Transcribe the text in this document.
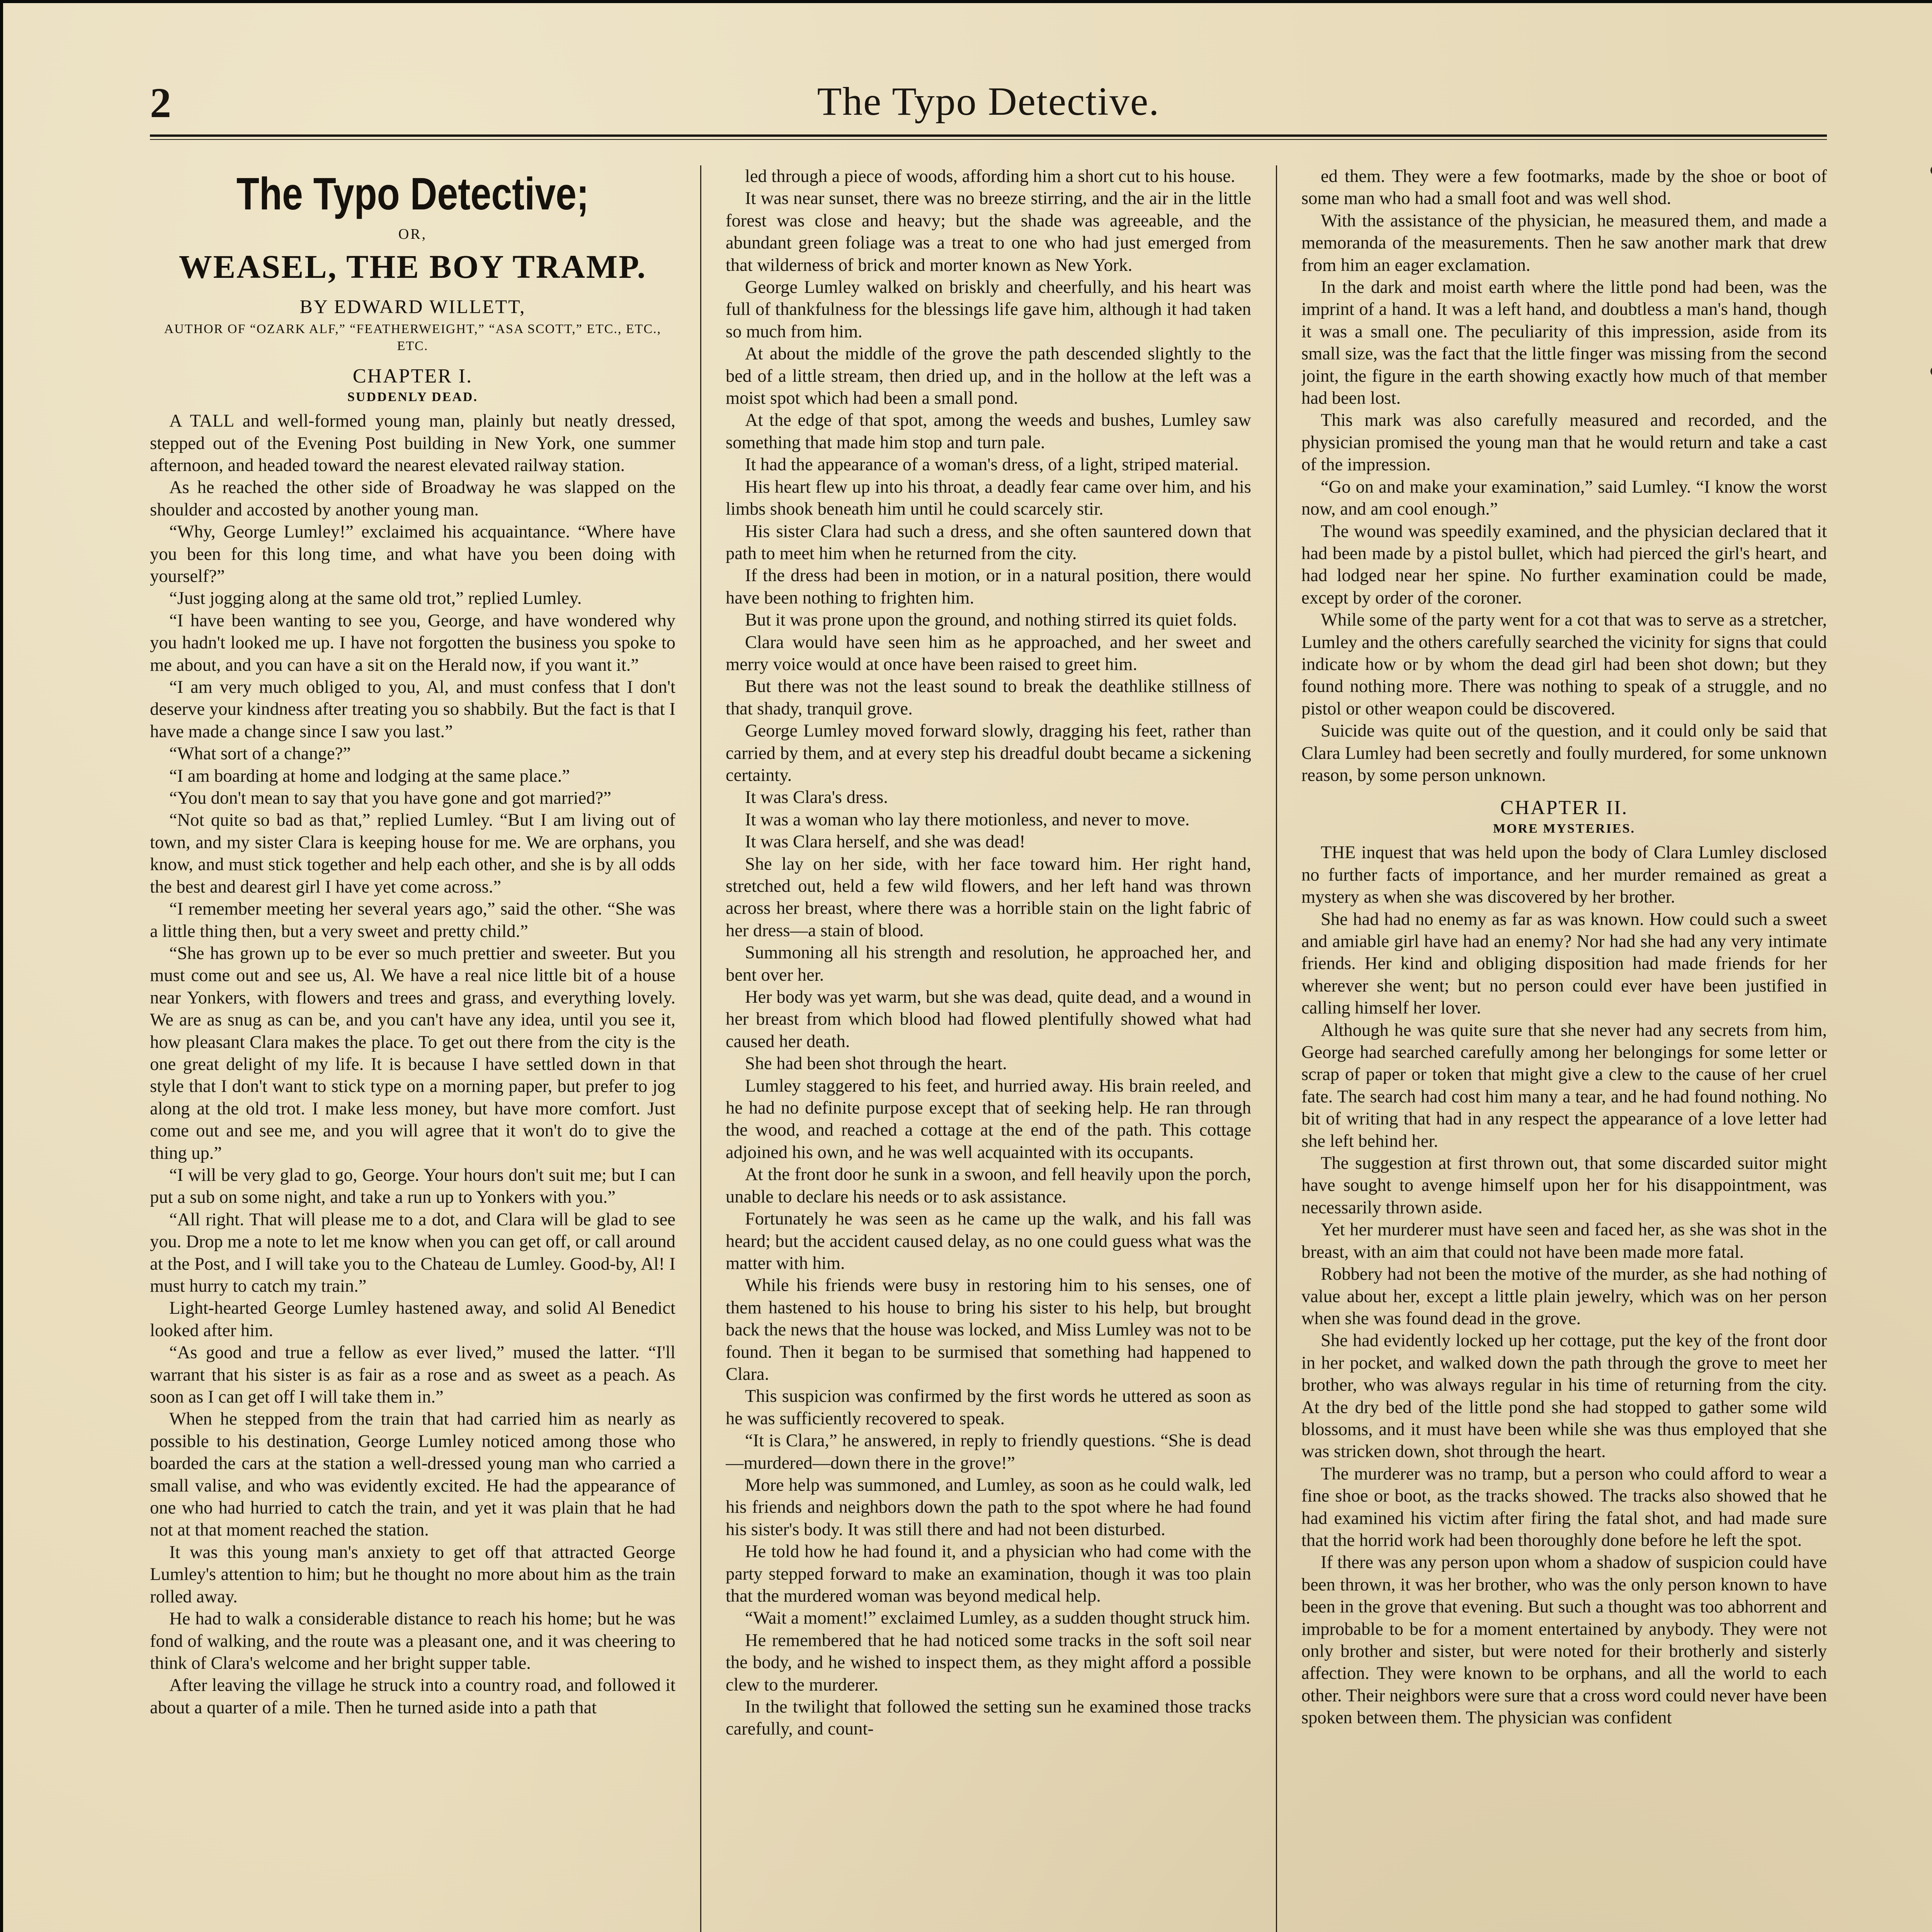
2	The Typo Detective.
The Typo Detective;
OR,
WEASEL, THE BOY TRAMP.
BY EDWARD WILLETT,
AUTHOR OF “OZARK ALF,” “FEATHERWEIGHT,” “ASA SCOTT,” ETC., ETC., ETC.
CHAPTER I.
SUDDENLY DEAD.

A TALL and well-formed young man, plainly but neatly dressed, stepped out of the Evening Post building in New York, one summer afternoon, and headed toward the nearest elevated railway station.

As he reached the other side of Broadway he was slapped on the shoulder and accosted by another young man.

“Why, George Lumley!” exclaimed his acquaintance. “Where have you been for this long time, and what have you been doing with yourself?”

“Just jogging along at the same old trot,” replied Lumley.

“I have been wanting to see you, George, and have wondered why you hadn't looked me up. I have not forgotten the business you spoke to me about, and you can have a sit on the Herald now, if you want it.”

“I am very much obliged to you, Al, and must confess that I don't deserve your kindness after treating you so shabbily. But the fact is that I have made a change since I saw you last.”

“What sort of a change?”

“I am boarding at home and lodging at the same place.”

“You don't mean to say that you have gone and got married?”

“Not quite so bad as that,” replied Lumley. “But I am living out of town, and my sister Clara is keeping house for me. We are orphans, you know, and must stick together and help each other, and she is by all odds the best and dearest girl I have yet come across.”

“I remember meeting her several years ago,” said the other. “She was a little thing then, but a very sweet and pretty child.”

“She has grown up to be ever so much prettier and sweeter. But you must come out and see us, Al. We have a real nice little bit of a house near Yonkers, with flowers and trees and grass, and everything lovely. We are as snug as can be, and you can't have any idea, until you see it, how pleasant Clara makes the place. To get out there from the city is the one great delight of my life. It is because I have settled down in that style that I don't want to stick type on a morning paper, but prefer to jog along at the old trot. I make less money, but have more comfort. Just come out and see me, and you will agree that it won't do to give the thing up.”

“I will be very glad to go, George. Your hours don't suit me; but I can put a sub on some night, and take a run up to Yonkers with you.”

“All right. That will please me to a dot, and Clara will be glad to see you. Drop me a note to let me know when you can get off, or call around at the Post, and I will take you to the Chateau de Lumley. Good-by, Al! I must hurry to catch my train.”

Light-hearted George Lumley hastened away, and solid Al Benedict looked after him.

“As good and true a fellow as ever lived,” mused the latter. “I'll warrant that his sister is as fair as a rose and as sweet as a peach. As soon as I can get off I will take them in.”

When he stepped from the train that had carried him as nearly as possible to his destination, George Lumley noticed among those who boarded the cars at the station a well-dressed young man who carried a small valise, and who was evidently excited. He had the appearance of one who had hurried to catch the train, and yet it was plain that he had not at that moment reached the station.

It was this young man's anxiety to get off that attracted George Lumley's attention to him; but he thought no more about him as the train rolled away.

He had to walk a considerable distance to reach his home; but he was fond of walking, and the route was a pleasant one, and it was cheering to think of Clara's welcome and her bright supper table.

After leaving the village he struck into a country road, and followed it about a quarter of a mile. Then he turned aside into a path that

led through a piece of woods, affording him a short cut to his house.

It was near sunset, there was no breeze stirring, and the air in the little forest was close and heavy; but the shade was agreeable, and the abundant green foliage was a treat to one who had just emerged from that wilderness of brick and morter known as New York.

George Lumley walked on briskly and cheerfully, and his heart was full of thankfulness for the blessings life gave him, although it had taken so much from him.

At about the middle of the grove the path descended slightly to the bed of a little stream, then dried up, and in the hollow at the left was a moist spot which had been a small pond.

At the edge of that spot, among the weeds and bushes, Lumley saw something that made him stop and turn pale.

It had the appearance of a woman's dress, of a light, striped material.

His heart flew up into his throat, a deadly fear came over him, and his limbs shook beneath him until he could scarcely stir.

His sister Clara had such a dress, and she often sauntered down that path to meet him when he returned from the city.

If the dress had been in motion, or in a natural position, there would have been nothing to frighten him.

But it was prone upon the ground, and nothing stirred its quiet folds.

Clara would have seen him as he approached, and her sweet and merry voice would at once have been raised to greet him.

But there was not the least sound to break the deathlike stillness of that shady, tranquil grove.

George Lumley moved forward slowly, dragging his feet, rather than carried by them, and at every step his dreadful doubt became a sickening certainty.

It was Clara's dress.

It was a woman who lay there motionless, and never to move.

It was Clara herself, and she was dead!

She lay on her side, with her face toward him. Her right hand, stretched out, held a few wild flowers, and her left hand was thrown across her breast, where there was a horrible stain on the light fabric of her dress—a stain of blood.

Summoning all his strength and resolution, he approached her, and bent over her.

Her body was yet warm, but she was dead, quite dead, and a wound in her breast from which blood had flowed plentifully showed what had caused her death.

She had been shot through the heart.

Lumley staggered to his feet, and hurried away. His brain reeled, and he had no definite purpose except that of seeking help. He ran through the wood, and reached a cottage at the end of the path. This cottage adjoined his own, and he was well acquainted with its occupants.

At the front door he sunk in a swoon, and fell heavily upon the porch, unable to declare his needs or to ask assistance.

Fortunately he was seen as he came up the walk, and his fall was heard; but the accident caused delay, as no one could guess what was the matter with him.

While his friends were busy in restoring him to his senses, one of them hastened to his house to bring his sister to his help, but brought back the news that the house was locked, and Miss Lumley was not to be found. Then it began to be surmised that something had happened to Clara.

This suspicion was confirmed by the first words he uttered as soon as he was sufficiently recovered to speak.

“It is Clara,” he answered, in reply to friendly questions. “She is dead—murdered—down there in the grove!”

More help was summoned, and Lumley, as soon as he could walk, led his friends and neighbors down the path to the spot where he had found his sister's body. It was still there and had not been disturbed.

He told how he had found it, and a physician who had come with the party stepped forward to make an examination, though it was too plain that the murdered woman was beyond medical help.

“Wait a moment!” exclaimed Lumley, as a sudden thought struck him.

He remembered that he had noticed some tracks in the soft soil near the body, and he wished to inspect them, as they might afford a possible clew to the murderer.

In the twilight that followed the setting sun he examined those tracks carefully, and count-

ed them. They were a few footmarks, made by the shoe or boot of some man who had a small foot and was well shod.

With the assistance of the physician, he measured them, and made a memoranda of the measurements. Then he saw another mark that drew from him an eager exclamation.

In the dark and moist earth where the little pond had been, was the imprint of a hand. It was a left hand, and doubtless a man's hand, though it was a small one. The peculiarity of this impression, aside from its small size, was the fact that the little finger was missing from the second joint, the figure in the earth showing exactly how much of that member had been lost.

This mark was also carefully measured and recorded, and the physician promised the young man that he would return and take a cast of the impression.

“Go on and make your examination,” said Lumley. “I know the worst now, and am cool enough.”

The wound was speedily examined, and the physician declared that it had been made by a pistol bullet, which had pierced the girl's heart, and had lodged near her spine. No further examination could be made, except by order of the coroner.

While some of the party went for a cot that was to serve as a stretcher, Lumley and the others carefully searched the vicinity for signs that could indicate how or by whom the dead girl had been shot down; but they found nothing more. There was nothing to speak of a struggle, and no pistol or other weapon could be discovered.

Suicide was quite out of the question, and it could only be said that Clara Lumley had been secretly and foully murdered, for some unknown reason, by some person unknown.

CHAPTER II.
MORE MYSTERIES.

THE inquest that was held upon the body of Clara Lumley disclosed no further facts of importance, and her murder remained as great a mystery as when she was discovered by her brother.

She had had no enemy as far as was known. How could such a sweet and amiable girl have had an enemy? Nor had she had any very intimate friends. Her kind and obliging disposition had made friends for her wherever she went; but no person could ever have been justified in calling himself her lover.

Although he was quite sure that she never had any secrets from him, George had searched carefully among her belongings for some letter or scrap of paper or token that might give a clew to the cause of her cruel fate. The search had cost him many a tear, and he had found nothing. No bit of writing that had in any respect the appearance of a love letter had she left behind her.

The suggestion at first thrown out, that some discarded suitor might have sought to avenge himself upon her for his disappointment, was necessarily thrown aside.

Yet her murderer must have seen and faced her, as she was shot in the breast, with an aim that could not have been made more fatal.

Robbery had not been the motive of the murder, as she had nothing of value about her, except a little plain jewelry, which was on her person when she was found dead in the grove.

She had evidently locked up her cottage, put the key of the front door in her pocket, and walked down the path through the grove to meet her brother, who was always regular in his time of returning from the city. At the dry bed of the little pond she had stopped to gather some wild blossoms, and it must have been while she was thus employed that she was stricken down, shot through the heart.

The murderer was no tramp, but a person who could afford to wear a fine shoe or boot, as the tracks showed. The tracks also showed that he had examined his victim after firing the fatal shot, and had made sure that the horrid work had been thoroughly done before he left the spot.

If there was any person upon whom a shadow of suspicion could have been thrown, it was her brother, who was the only person known to have been in the grove that evening. But such a thought was too abhorrent and improbable to be for a moment entertained by anybody. They were not only brother and sister, but were noted for their brotherly and sisterly affection. They were known to be orphans, and all the world to each other. Their neighbors were sure that a cross word could never have been spoken between them. The physician was confident
